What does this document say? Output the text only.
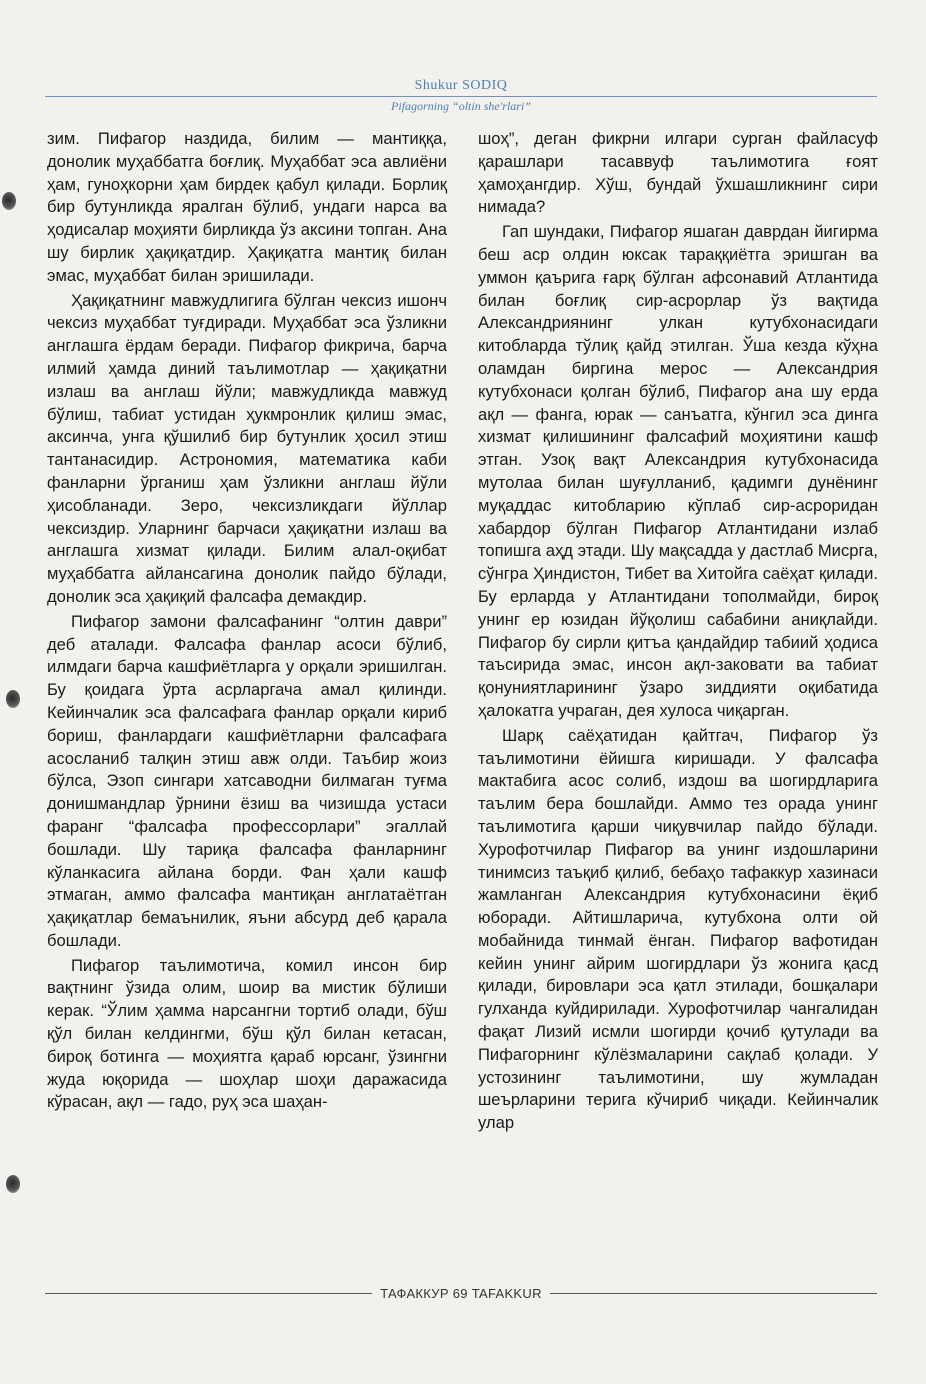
Shukur SODIQ
Pifagorning “oltin she'rlari”

зим. Пифагор наздида, билим — мантиққа, донолик муҳаббатга боғлиқ. Муҳаббат эса авлиёни ҳам, гуноҳкорни ҳам бирдек қабул қилади. Борлиқ бир бутунликда яралган бўлиб, ундаги нарса ва ҳодисалар моҳияти бирликда ўз аксини топган. Ана шу бирлик ҳақиқатдир. Ҳақиқатга мантиқ билан эмас, муҳаббат билан эришилади.

Ҳақиқатнинг мавжудлигига бўлган чексиз ишонч чексиз муҳаббат туғдиради. Муҳаббат эса ўзликни англашга ёрдам беради. Пифагор фикрича, барча илмий ҳамда диний таълимотлар — ҳақиқатни излаш ва англаш йўли; мавжудликда мавжуд бўлиш, табиат устидан ҳукмронлик қилиш эмас, аксинча, унга қўшилиб бир бутунлик ҳосил этиш тантанасидир. Астрономия, математика каби фанларни ўрганиш ҳам ўзликни англаш йўли ҳисобланади. Зеро, чексизликдаги йўллар чексиздир. Уларнинг барчаси ҳақиқатни излаш ва англашга хизмат қилади. Билим алал-оқибат муҳаббатга айлансагина донолик пайдо бўлади, донолик эса ҳақиқий фалсафа демакдир.

Пифагор замони фалсафанинг “олтин даври” деб аталади. Фалсафа фанлар асоси бўлиб, илмдаги барча кашфиётларга у орқали эришилган. Бу қоидага ўрта асрларгача амал қилинди. Кейинчалик эса фалсафага фанлар орқали кириб бориш, фанлардаги кашфиётларни фалсафага асосланиб талқин этиш авж олди. Таъбир жоиз бўлса, Эзоп сингари хатсаводни билмаган туғма донишмандлар ўрнини ёзиш ва чизишда устаси фаранг “фалсафа профессорлари” эгаллай бошлади. Шу тариқа фалсафа фанларнинг кўланкасига айлана борди. Фан ҳали кашф этмаган, аммо фалсафа мантиқан англатаётган ҳақиқатлар бемаънилик, яъни абсурд деб қарала бошлади.

Пифагор таълимотича, комил инсон бир вақтнинг ўзида олим, шоир ва мистик бўлиши керак. “Ўлим ҳамма нарсангни тортиб олади, бўш қўл билан келдингми, бўш қўл билан кетасан, бироқ ботинга — моҳиятга қараб юрсанг, ўзингни жуда юқорида — шоҳлар шоҳи даражасида кўрасан, ақл — гадо, руҳ эса шаҳан-

шоҳ”, деган фикрни илгари сурган файласуф қарашлари тасаввуф таълимотига ғоят ҳамоҳангдир. Хўш, бундай ўхшашликнинг сири нимада?

Гап шундаки, Пифагор яшаган даврдан йигирма беш аср олдин юксак тараққиётга эришган ва уммон қаърига ғарқ бўлган афсонавий Атлантида билан боғлиқ сир-асрорлар ўз вақтида Александриянинг улкан кутубхонасидаги китобларда тўлиқ қайд этилган. Ўша кезда кўҳна оламдан биргина мерос — Александрия кутубхонаси қолган бўлиб, Пифагор ана шу ерда ақл — фанга, юрак — санъатга, кўнгил эса динга хизмат қилишининг фалсафий моҳиятини кашф этган. Узоқ вақт Александрия кутубхонасида мутолаа билан шуғулланиб, қадимги дунёнинг муқаддас китобларию кўплаб сир-асроридан хабардор бўлган Пифагор Атлантидани излаб топишга аҳд этади. Шу мақсадда у дастлаб Мисрга, сўнгра Ҳиндистон, Тибет ва Хитойга саёҳат қилади. Бу ерларда у Атлантидани тополмайди, бироқ унинг ер юзидан йўқолиш сабабини аниқлайди. Пифагор бу сирли қитъа қандайдир табиий ҳодиса таъсирида эмас, инсон ақл-заковати ва табиат қонуниятларининг ўзаро зиддияти оқибатида ҳалокатга учраган, дея хулоса чиқарган.

Шарқ саёҳатидан қайтгач, Пифагор ўз таълимотини ёйишга киришади. У фалсафа мактабига асос солиб, издош ва шогирдларига таълим бера бошлайди. Аммо тез орада унинг таълимотига қарши чиқувчилар пайдо бўлади. Хурофотчилар Пифагор ва унинг издошларини тинимсиз таъқиб қилиб, бебаҳо тафаккур хазинаси жамланган Александрия кутубхонасини ёқиб юборади. Айтишларича, кутубхона олти ой мобайнида тинмай ёнган. Пифагор вафотидан кейин унинг айрим шогирдлари ўз жонига қасд қилади, бировлари эса қатл этилади, бошқалари гулханда куйдирилади. Хурофотчилар чангалидан фақат Лизий исмли шогирди қочиб қутулади ва Пифагорнинг кўлёзмаларини сақлаб қолади. У устозининг таълимотини, шу жумладан шеърларини терига кўчириб чиқади. Кейинчалик улар

ТАФАККУР 69 TAFAKKUR
